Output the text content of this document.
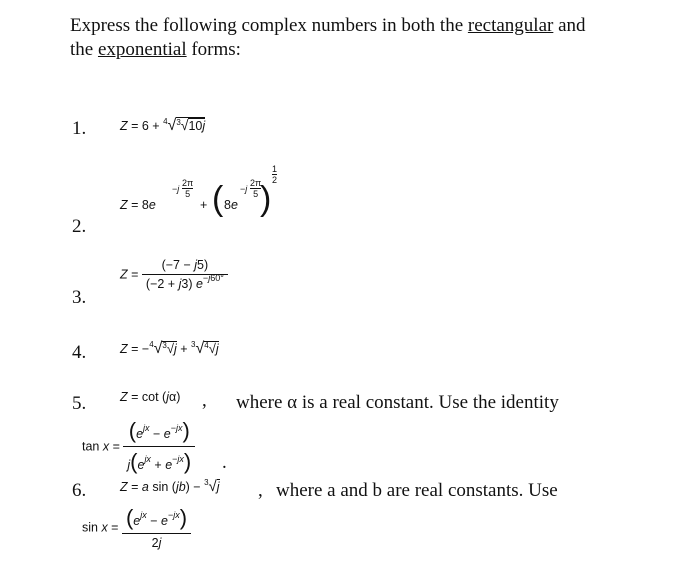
Express the following complex numbers in both the rectangular and
the exponential forms:
1.	Z = 6 + $^4$√$^3$√10j
2.
Z = 8e
−j
2π
5
+ ( 8e
−j
2π
5 )
1
2
3.
$Z = \frac{(-7 - j5)}{(-2 + j3) e^{-j60^\circ}}$
4.	Z = −$^4$√$^3$√j + $^3$√$^4$√j
5.	Z = cot (jα) , where α is a real constant. Use the identity
$\tan x = \frac{(e^{jx} - e^{-jx})}{j(e^{jx} + e^{-jx})}$ .
6.	Z = a sin (jb) − $^3$√j , where a and b are real constants. Use
$\sin x = \frac{(e^{jx} - e^{-jx})}{2j}$
